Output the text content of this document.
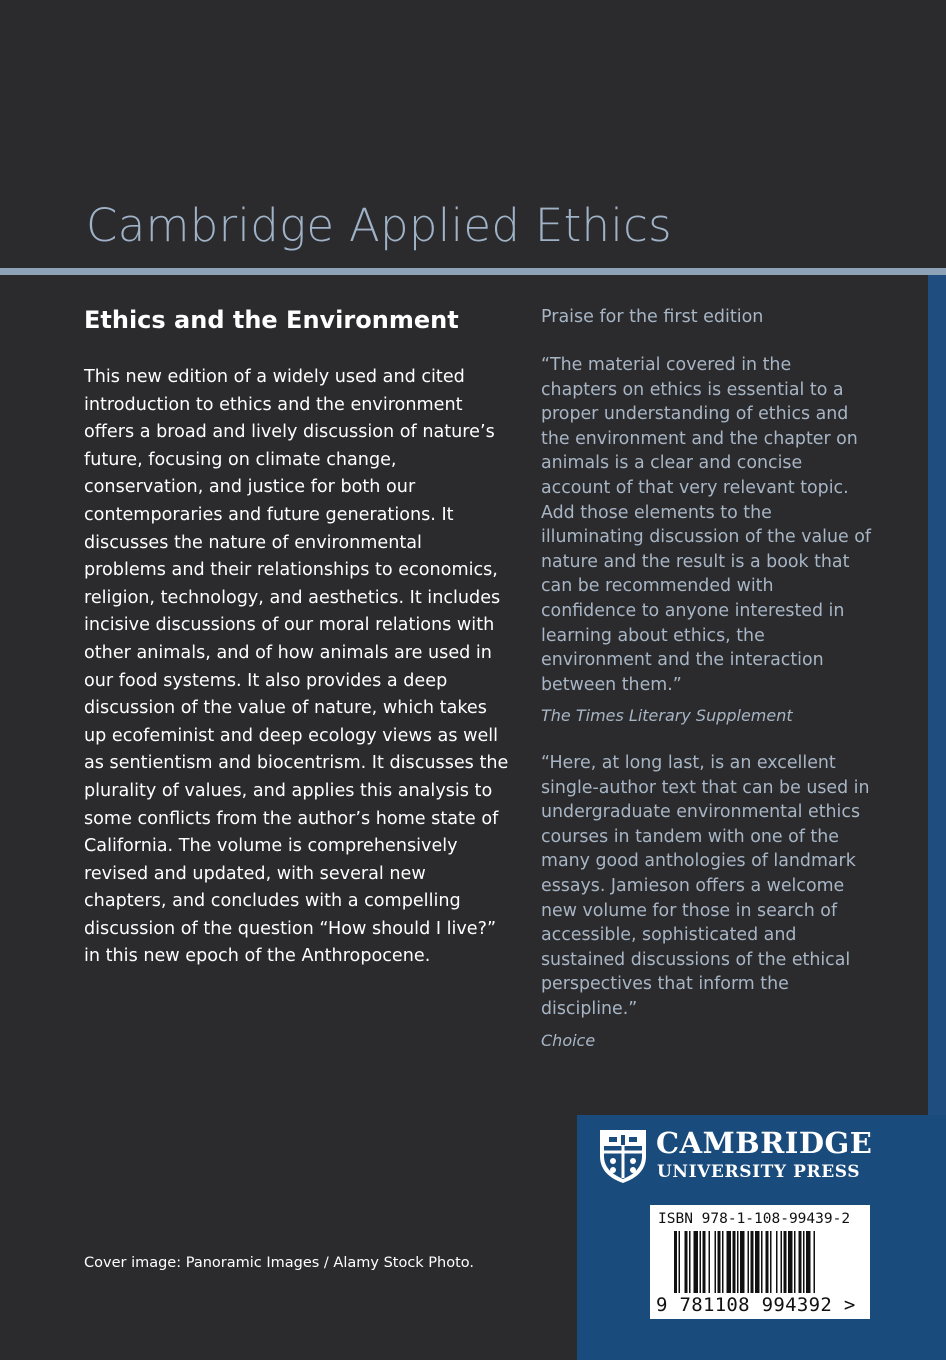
Cambridge Applied Ethics
Ethics and the Environment

This new edition of a widely used and cited introduction to ethics and the environment offers a broad and lively discussion of nature’s future, focusing on climate change, conservation, and justice for both our contemporaries and future generations. It discusses the nature of environmental problems and their relationships to economics, religion, technology, and aesthetics. It includes incisive discussions of our moral relations with other animals, and of how animals are used in our food systems. It also provides a deep discussion of the value of nature, which takes up ecofeminist and deep ecology views as well as sentientism and biocentrism. It discusses the plurality of values, and applies this analysis to some conflicts from the author’s home state of California. The volume is comprehensively revised and updated, with several new chapters, and concludes with a compelling discussion of the question “How should I live?” in this new epoch of the Anthropocene.

Praise for the first edition

“The material covered in the chapters on ethics is essential to a proper understanding of ethics and the environment and the chapter on animals is a clear and concise account of that very relevant topic. Add those elements to the illuminating discussion of the value of nature and the result is a book that can be recommended with confidence to anyone interested in learning about ethics, the environment and the interaction between them.”

The Times Literary Supplement

“Here, at long last, is an excellent single-author text that can be used in undergraduate environmental ethics courses in tandem with one of the many good anthologies of landmark essays. Jamieson offers a welcome new volume for those in search of accessible, sophisticated and sustained discussions of the ethical perspectives that inform the discipline.”

Choice

CAMBRIDGE

UNIVERSITY PRESS

ISBN 978-1-108-99439-2

9 781108 994392 >

Cover image: Panoramic Images / Alamy Stock Photo.
